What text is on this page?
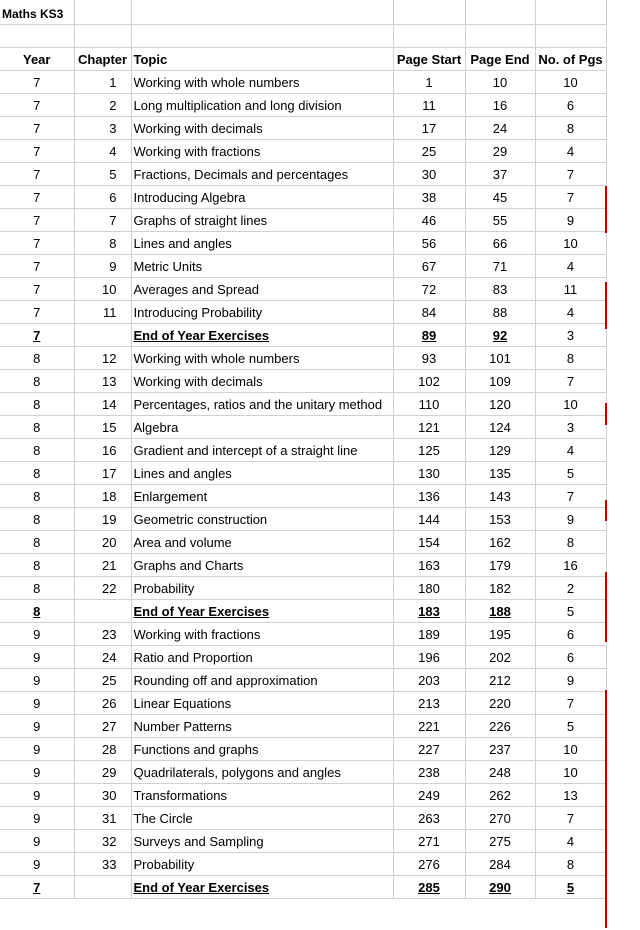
Maths KS3						

Year	Chapter	Topic	Page Start	Page End	No. of Pgs	
7	1	Working with whole numbers	1	10	10	
7	2	Long multiplication and long division	11	16	6	
7	3	Working with decimals	17	24	8	
7	4	Working with fractions	25	29	4	
7	5	Fractions, Decimals and percentages	30	37	7	
7	6	Introducing Algebra	38	45	7	
7	7	Graphs of straight lines	46	55	9	
7	8	Lines and angles	56	66	10	
7	9	Metric Units	67	71	4	
7	10	Averages and Spread	72	83	11	
7	11	Introducing Probability	84	88	4	
7		End of Year Exercises	89	92	3	
8	12	Working with whole numbers	93	101	8	
8	13	Working with decimals	102	109	7	
8	14	Percentages, ratios and the unitary method	110	120	10	
8	15	Algebra	121	124	3	
8	16	Gradient and intercept of a straight line	125	129	4	
8	17	Lines and angles	130	135	5	
8	18	Enlargement	136	143	7	
8	19	Geometric construction	144	153	9	
8	20	Area and volume	154	162	8	
8	21	Graphs and Charts	163	179	16	
8	22	Probability	180	182	2	
8		End of Year Exercises	183	188	5	
9	23	Working with fractions	189	195	6	
9	24	Ratio and Proportion	196	202	6	
9	25	Rounding off and approximation	203	212	9	
9	26	Linear Equations	213	220	7	
9	27	Number Patterns	221	226	5	
9	28	Functions and graphs	227	237	10	
9	29	Quadrilaterals, polygons and angles	238	248	10	
9	30	Transformations	249	262	13	
9	31	The Circle	263	270	7	
9	32	Surveys and Sampling	271	275	4	
9	33	Probability	276	284	8	
7		End of Year Exercises	285	290	5	
